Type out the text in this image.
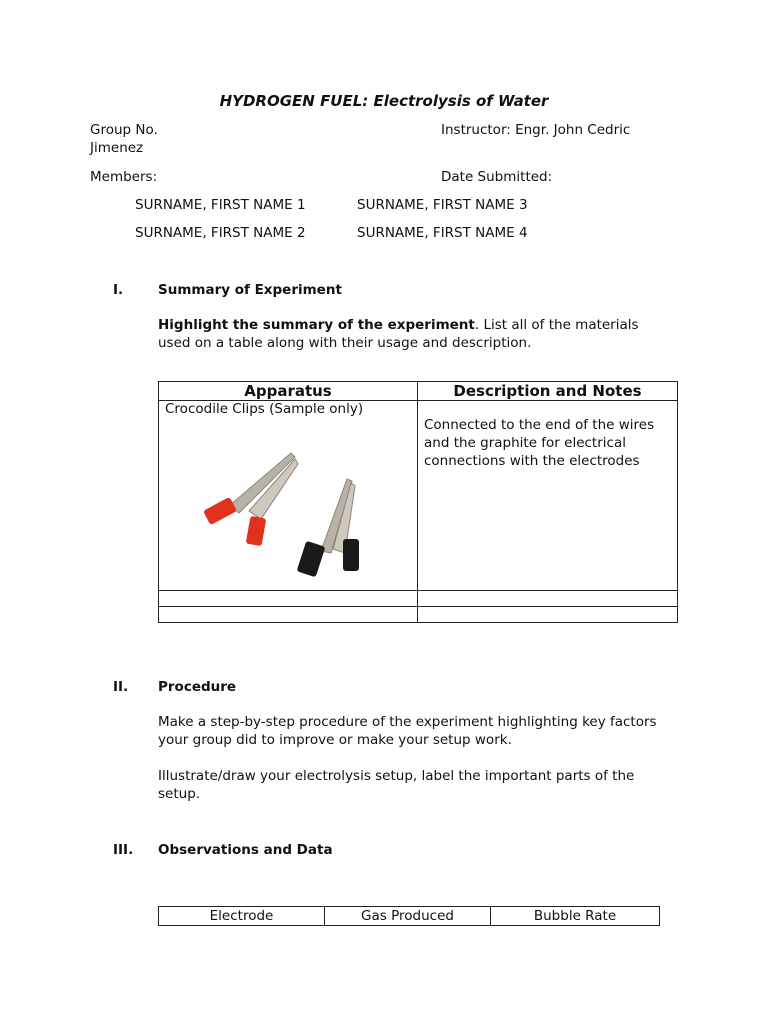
HYDROGEN FUEL: Electrolysis of Water
Group No.	Instructor: Engr. John Cedric
Jimenez
Members:	Date Submitted:
SURNAME, FIRST NAME 1	SURNAME, FIRST NAME 3
SURNAME, FIRST NAME 2	SURNAME, FIRST NAME 4
I.	Summary of Experiment
Highlight the summary of the experiment. List all of the materials
used on a table along with their usage and description.
Apparatus	Description and Notes

Crocodile Clips (Sample only)	Connected to the end of the wires
and the graphite for electrical
connections with the electrodes

II. Procedure
Make a step-by-step procedure of the experiment highlighting key factors
your group did to improve or make your setup work.
Illustrate/draw your electrolysis setup, label the important parts of the
setup.
III. Observations and Data
Electrode	Gas Produced	Bubble Rate
